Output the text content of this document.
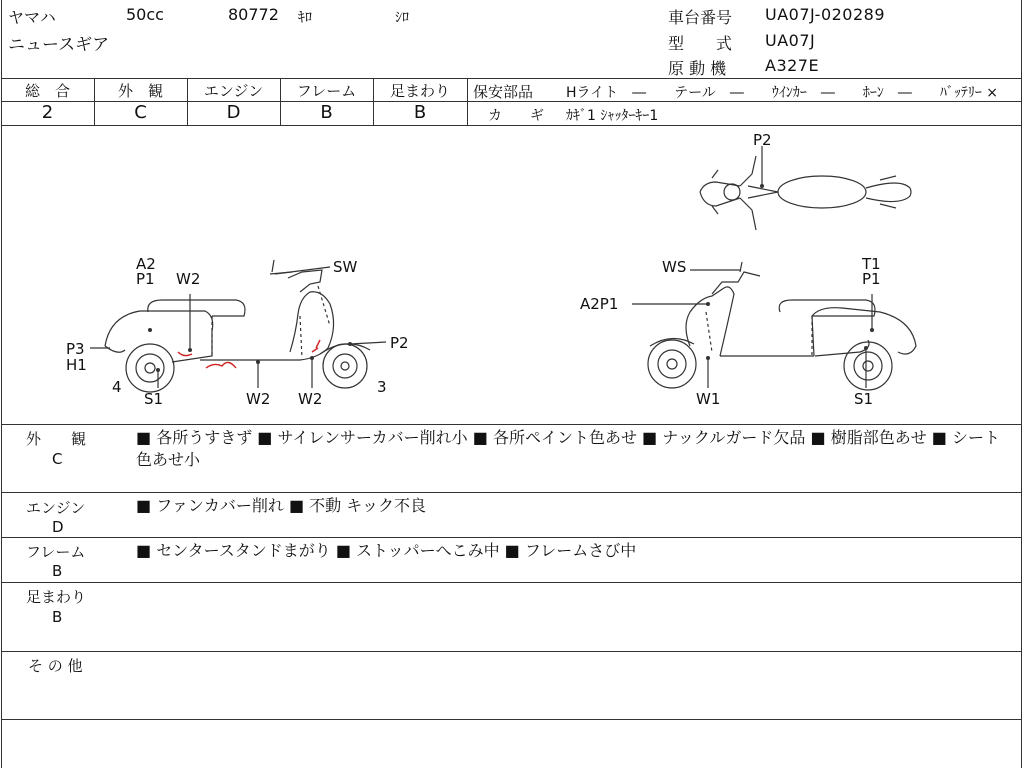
ヤマハ	50cc	80772 ｷﾛ	ｼﾛ
ニュースギア
車台番号 UA07J-020289
型　　式 UA07J
原 動 機 A327E
総　合	外　観	エンジン	フレーム	足まわり
2	C	D	B	B
保安部品 Hライト　―　　テール　―　　ｳｲﾝｶｰ　―　　ﾎｰﾝ　―　　ﾊﾞｯﾃﾘｰ ×
カ　　ギ ｶｷﾞ1 ｼｬｯﾀｰｷｰ1
A2
P1 W2
SW
P2
P3
H1
4
S1	W2 W2
3
WS	T1
P1
A2P1
W1	S1
P2
外　　観
C
■ 各所うすきず ■ サイレンサーカバー削れ小 ■ 各所ペイント色あせ ■ ナックルガード欠品 ■ 樹脂部色あせ ■ シート色あせ小
エンジン
D
■ ファンカバー削れ ■ 不動 キック不良
フレーム
B
■ センタースタンドまがり ■ ストッパーへこみ中 ■ フレームさび中
足まわり
B
そ の 他
